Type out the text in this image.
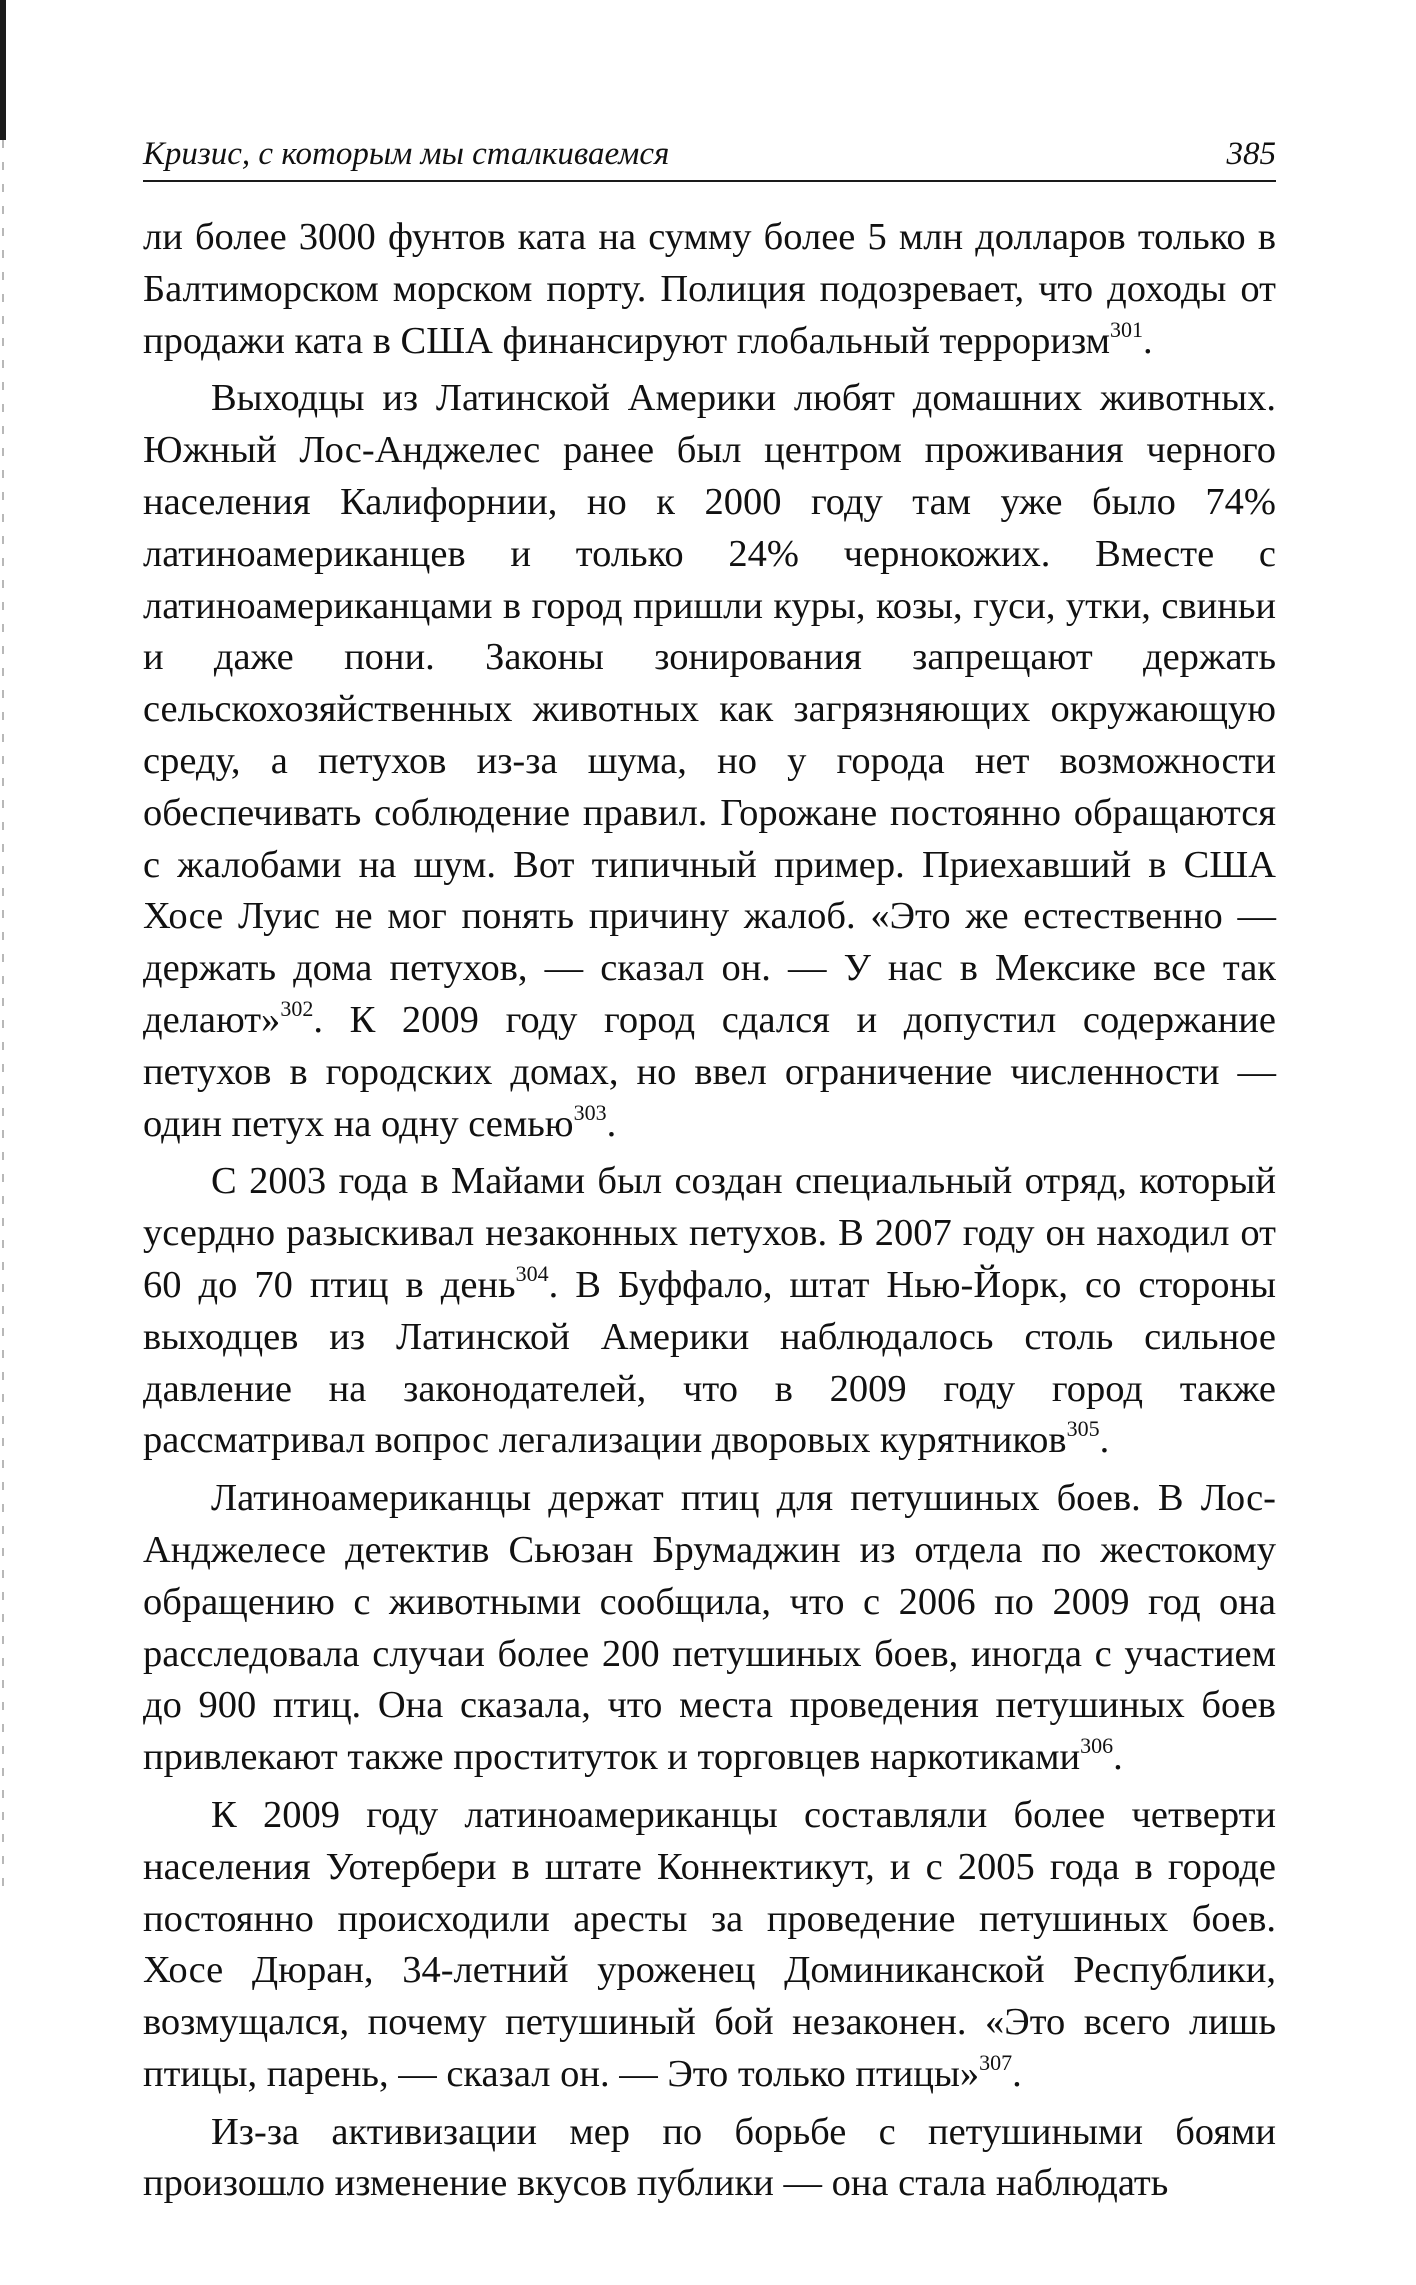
Кризис, с которым мы сталкиваемся	385

ли более 3000 фунтов ката на сумму более 5 млн долларов только в Балтиморском морском порту. Полиция подозревает, что доходы от продажи ката в США финансируют глобальный терроризм$^{301}$.

Выходцы из Латинской Америки любят домашних животных. Южный Лос-Анджелес ранее был центром проживания черного населения Калифорнии, но к 2000 году там уже было 74% латиноамериканцев и только 24% чернокожих. Вместе с латиноамериканцами в город пришли куры, козы, гуси, утки, свиньи и даже пони. Законы зонирования запрещают держать сельскохозяйственных животных как загрязняющих окружающую среду, а петухов из-за шума, но у города нет возможности обеспечивать соблюдение правил. Горожане постоянно обращаются с жалобами на шум. Вот типичный пример. Приехавший в США Хосе Луис не мог понять причину жалоб. «Это же естественно — держать дома петухов, — сказал он. — У нас в Мексике все так делают»$^{302}$. К 2009 году город сдался и допустил содержание петухов в городских домах, но ввел ограничение численности — один петух на одну семью$^{303}$.

С 2003 года в Майами был создан специальный отряд, который усердно разыскивал незаконных петухов. В 2007 году он находил от 60 до 70 птиц в день$^{304}$. В Буффало, штат Нью-Йорк, со стороны выходцев из Латинской Америки наблюдалось столь сильное давление на законодателей, что в 2009 году город также рассматривал вопрос легализации дворовых курятников$^{305}$.

Латиноамериканцы держат птиц для петушиных боев. В Лос-Анджелесе детектив Сьюзан Брумаджин из отдела по жестокому обращению с животными сообщила, что с 2006 по 2009 год она расследовала случаи более 200 петушиных боев, иногда с участием до 900 птиц. Она сказала, что места проведения петушиных боев привлекают также проституток и торговцев наркотиками$^{306}$.

К 2009 году латиноамериканцы составляли более четверти населения Уотербери в штате Коннектикут, и с 2005 года в городе постоянно происходили аресты за проведение петушиных боев. Хосе Дюран, 34-летний уроженец Доминиканской Республики, возмущался, почему петушиный бой незаконен. «Это всего лишь птицы, парень, — сказал он. — Это только птицы»$^{307}$.

Из-за активизации мер по борьбе с петушиными боями произошло изменение вкусов публики — она стала наблюдать
